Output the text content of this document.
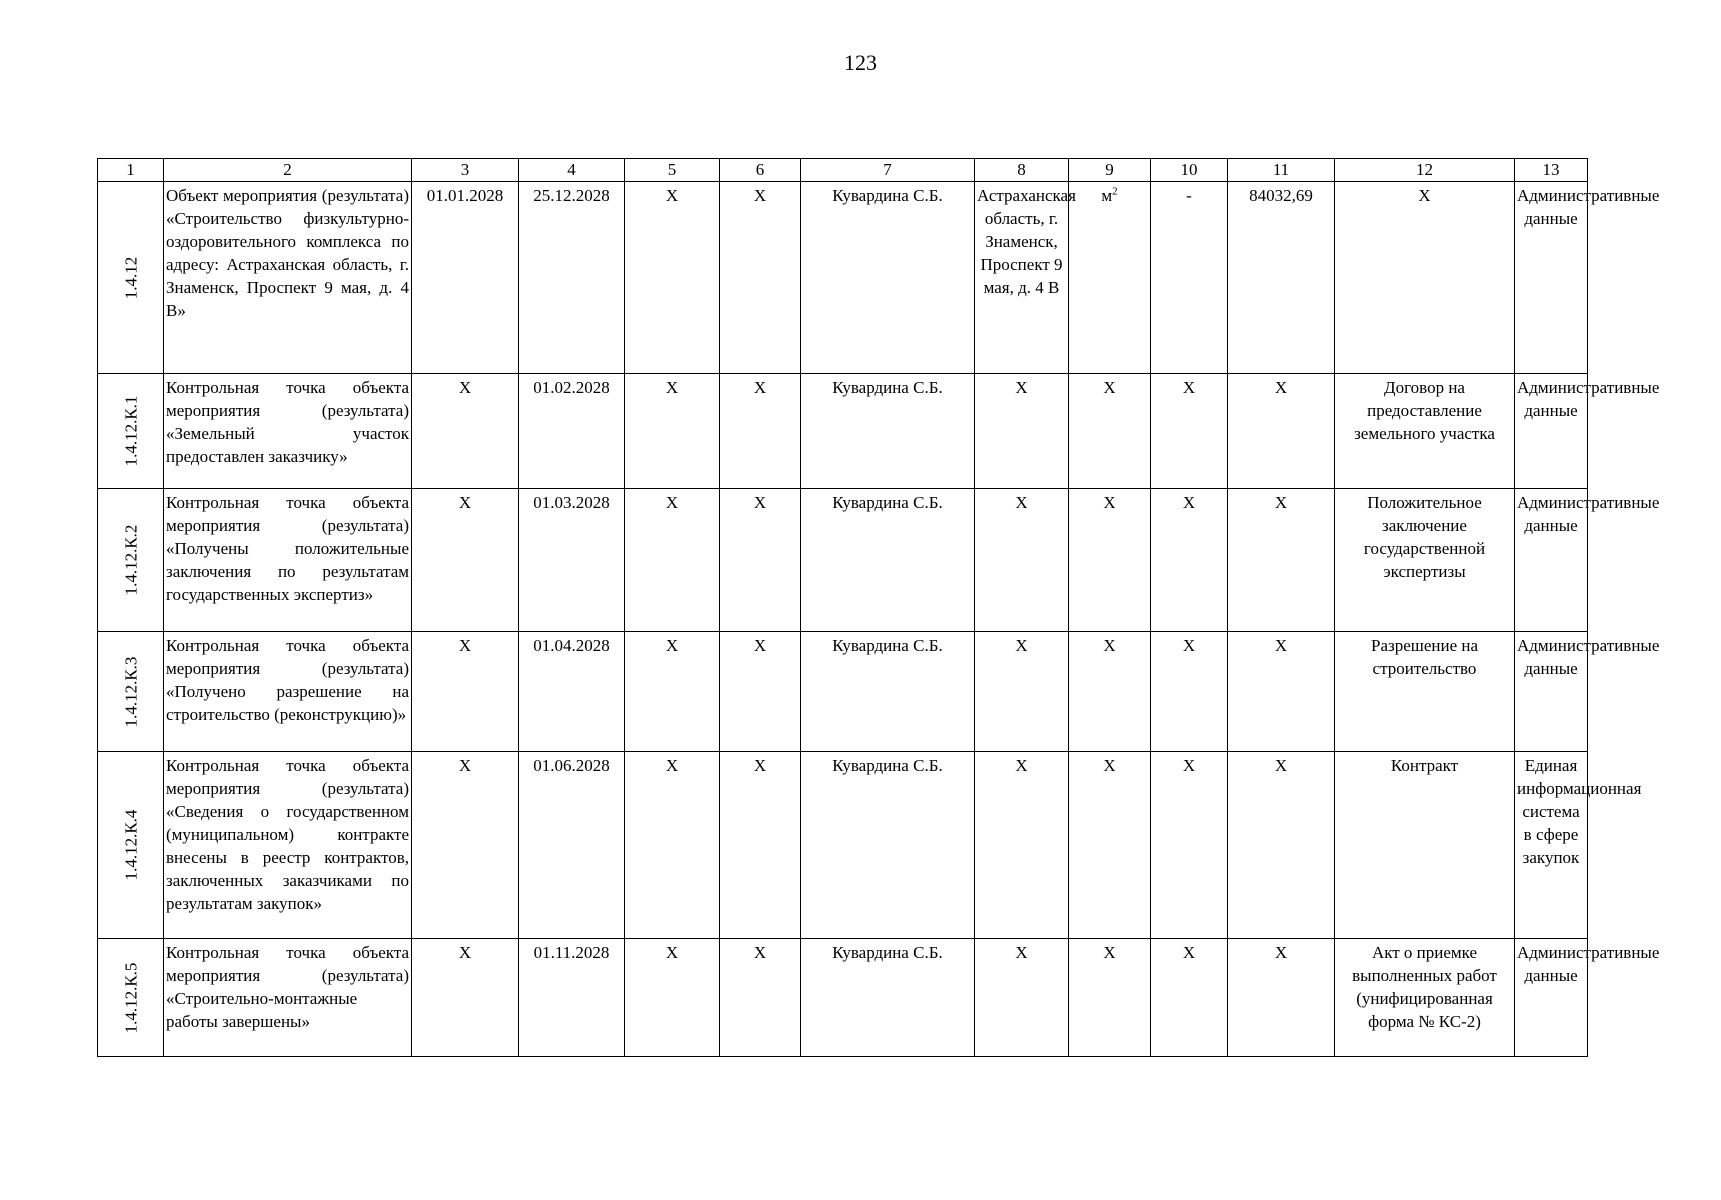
123
1	2	3	4	5	6	7	8	9	10	11	12	13

1.4.12	Объект мероприятия (результата) «Строительство физкультурно-оздоровительного комплекса по адресу: Астраханская область, г. Знаменск, Проспект 9 мая, д. 4 В»	01.01.2028	25.12.2028	X	X	Кувардина С.Б.	Астраханская область, г. Знаменск, Проспект 9 мая, д. 4 В	$м^2$	-	84032,69	X	Административные данные

1.4.12.К.1	Контрольная точка объекта мероприятия (результата) «Земельный участок предоставлен заказчику»	X	01.02.2028	X	X	Кувардина С.Б.	X	X	X	X	Договор на предоставление земельного участка	Административные данные

1.4.12.К.2	Контрольная точка объекта мероприятия (результата) «Получены положительные заключения по результатам государственных экспертиз»	X	01.03.2028	X	X	Кувардина С.Б.	X	X	X	X	Положительное заключение государственной экспертизы	Административные данные

1.4.12.К.3	Контрольная точка объекта мероприятия (результата) «Получено разрешение на строительство (реконструкцию)»	X	01.04.2028	X	X	Кувардина С.Б.	X	X	X	X	Разрешение на строительство	Административные данные

1.4.12.К.4	Контрольная точка объекта мероприятия (результата) «Сведения о государственном (муниципальном) контракте внесены в реестр контрактов, заключенных заказчиками по результатам закупок»	X	01.06.2028	X	X	Кувардина С.Б.	X	X	X	X	Контракт	Единая информационная система в сфере закупок

1.4.12.К.5	Контрольная точка объекта мероприятия (результата) «Строительно-монтажные работы завершены»	X	01.11.2028	X	X	Кувардина С.Б.	X	X	X	X	Акт о приемке выполненных работ (унифицированная форма № КС-2)	Административные данные
